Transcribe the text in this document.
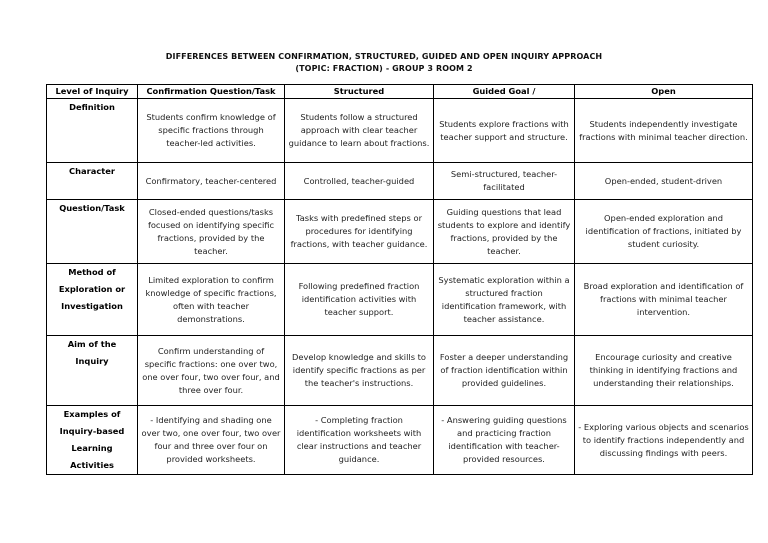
DIFFERENCES BETWEEN CONFIRMATION, STRUCTURED, GUIDED AND OPEN INQUIRY APPROACH
(TOPIC: FRACTION) - GROUP 3 ROOM 2
Level of Inquiry	Confirmation Question/Task	Structured	Guided Goal /	Open
Definition	Students confirm knowledge of specific fractions through teacher-led activities.	Students follow a structured approach with clear teacher guidance to learn about fractions.	Students explore fractions with teacher support and structure.	Students independently investigate fractions with minimal teacher direction.
Character	Confirmatory, teacher-centered	Controlled, teacher-guided	Semi-structured, teacher-facilitated	Open-ended, student-driven
Question/Task	Closed-ended questions/tasks focused on identifying specific fractions, provided by the teacher.	Tasks with predefined steps or procedures for identifying fractions, with teacher guidance.	Guiding questions that lead students to explore and identify fractions, provided by the teacher.	Open-ended exploration and identification of fractions, initiated by student curiosity.
Method of Exploration or Investigation	Limited exploration to confirm knowledge of specific fractions, often with teacher demonstrations.	Following predefined fraction identification activities with teacher support.	Systematic exploration within a structured fraction identification framework, with teacher assistance.	Broad exploration and identification of fractions with minimal teacher intervention.
Aim of the Inquiry	Confirm understanding of specific fractions: one over two, one over four, two over four, and three over four.	Develop knowledge and skills to identify specific fractions as per the teacher's instructions.	Foster a deeper understanding of fraction identification within provided guidelines.	Encourage curiosity and creative thinking in identifying fractions and understanding their relationships.
Examples of Inquiry-based Learning Activities	- Identifying and shading one over two, one over four, two over four and three over four on provided worksheets.	- Completing fraction identification worksheets with clear instructions and teacher guidance.	- Answering guiding questions and practicing fraction identification with teacher-provided resources.	- Exploring various objects and scenarios to identify fractions independently and discussing findings with peers.
